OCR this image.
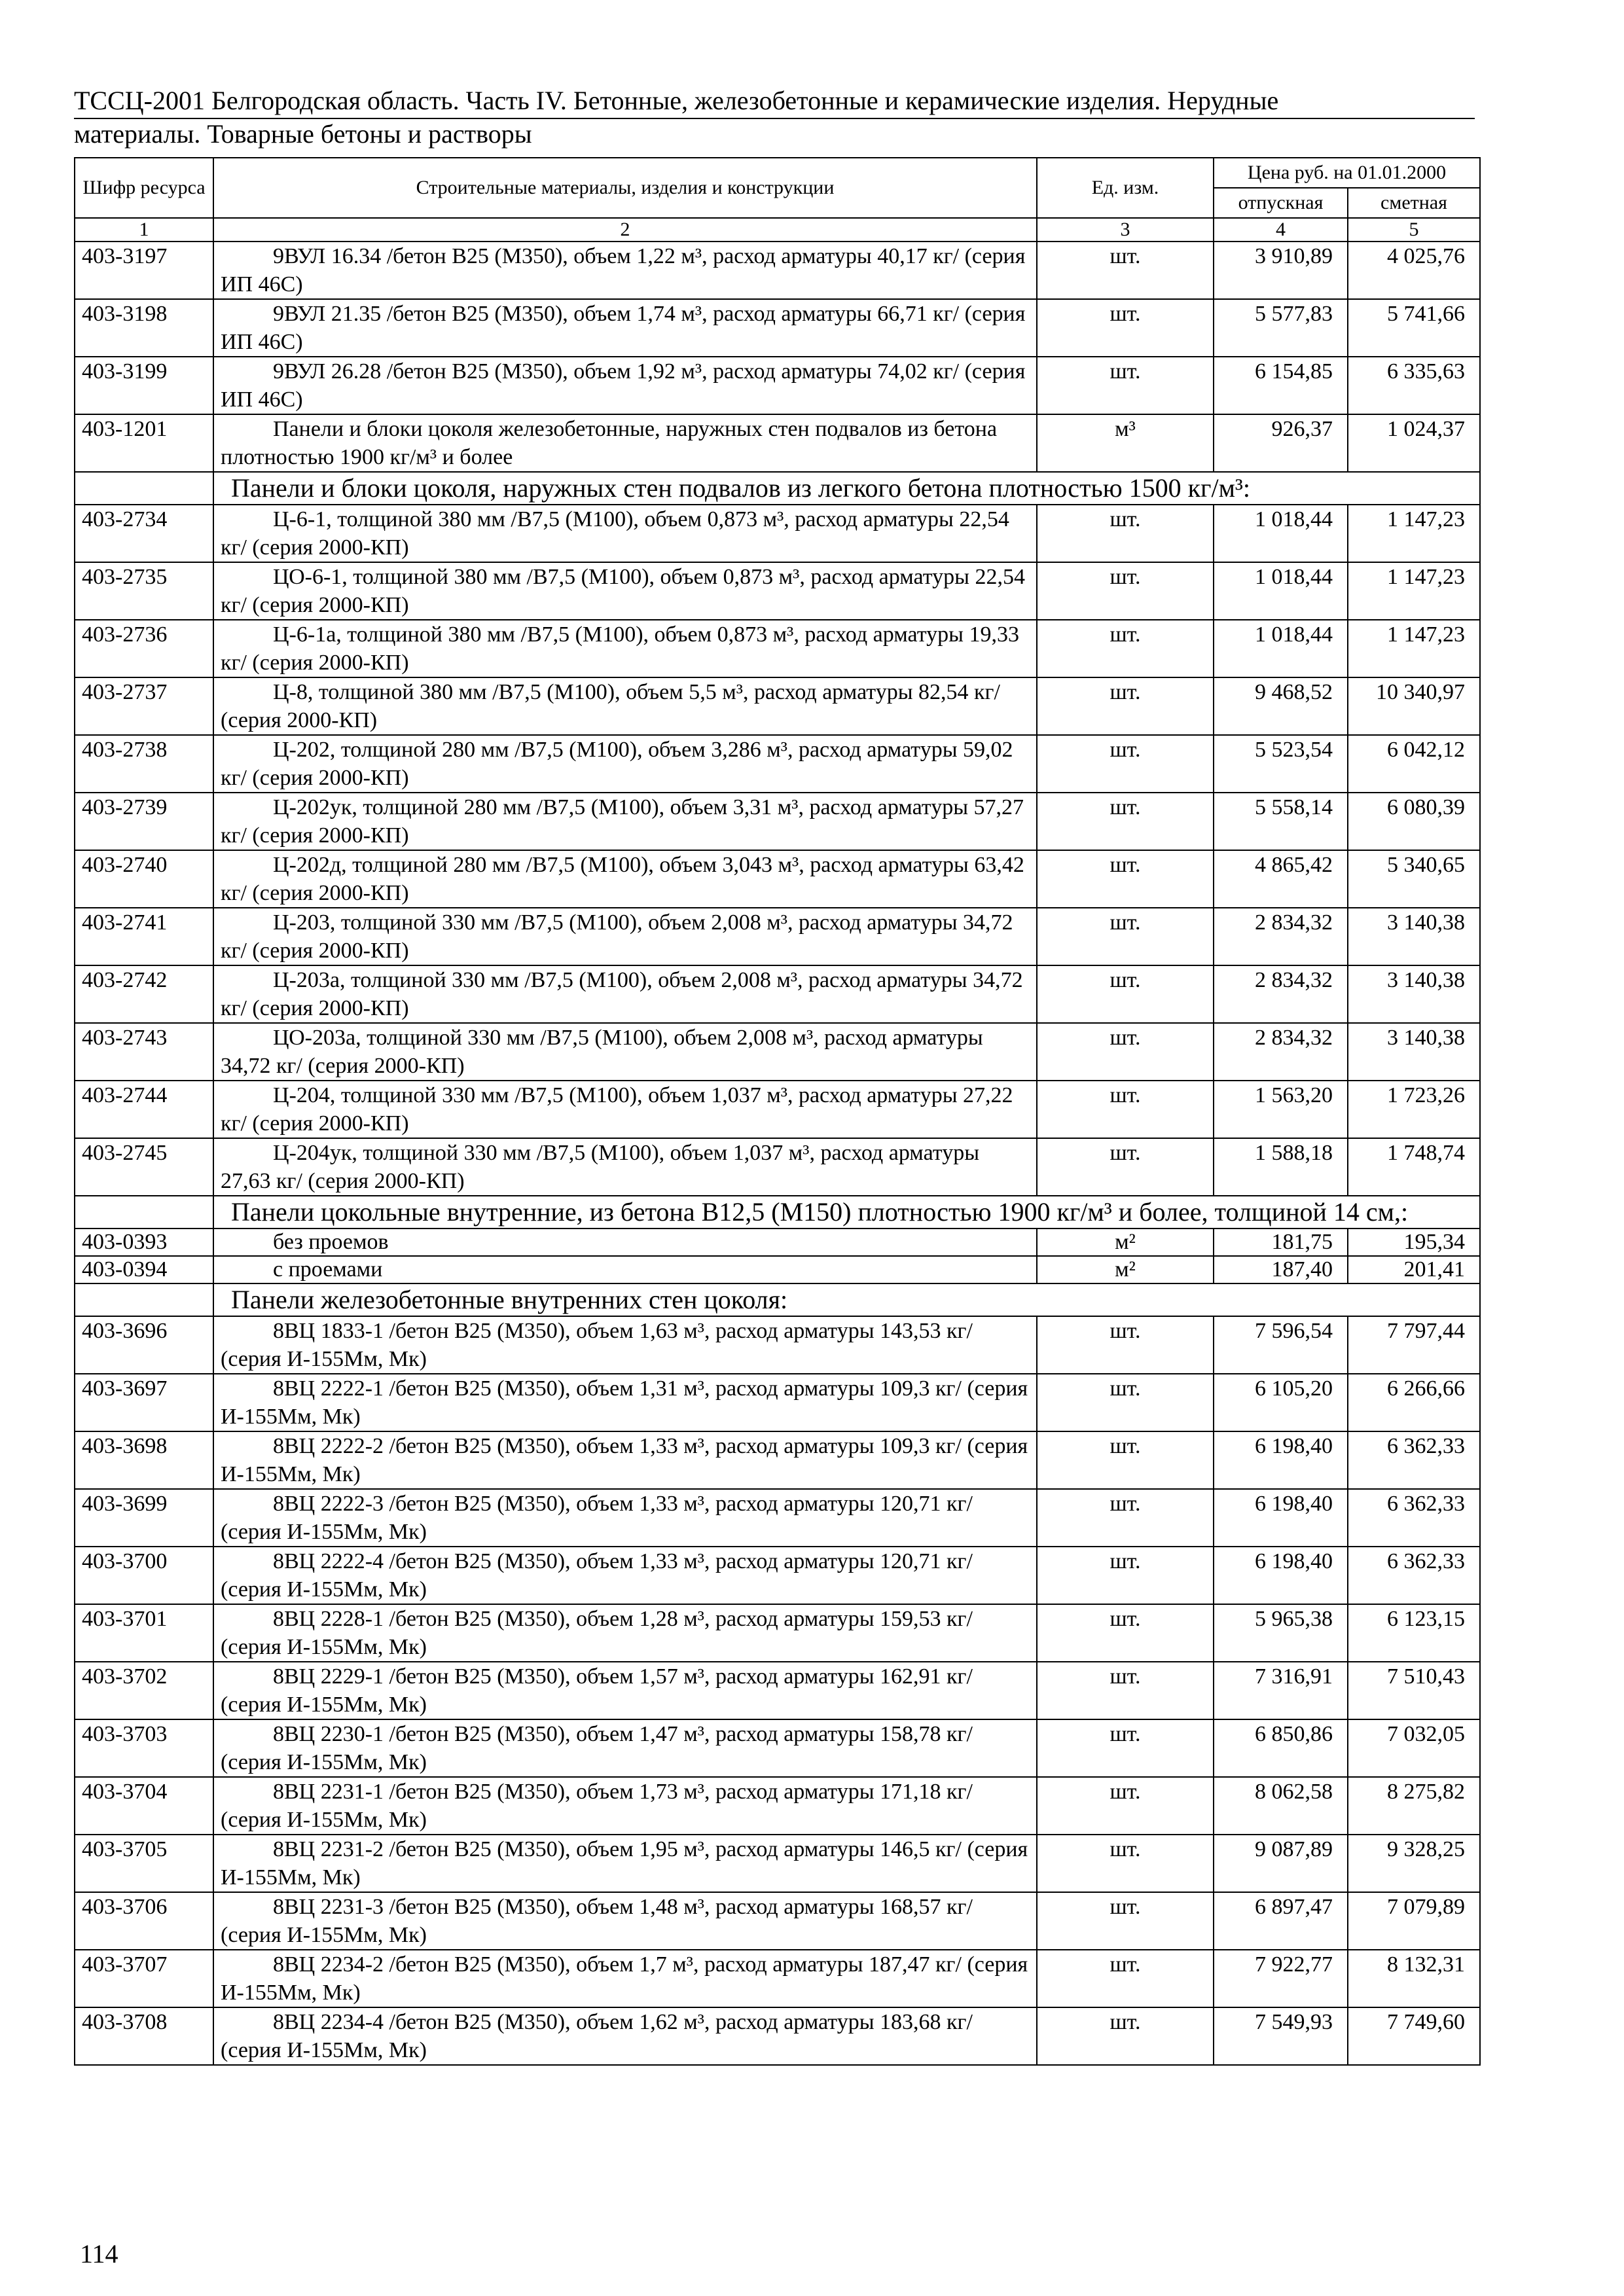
ТССЦ-2001 Белгородская область. Часть IV. Бетонные, железобетонные и керамические изделия. Нерудные
материалы. Товарные бетоны и растворы
Шифр ресурса	Строительные материалы, изделия и конструкции	Ед. изм.	Цена руб. на 01.01.2000	
			отпускная	сметная
1	2	3	4	5
403-3197	9ВУЛ 16.34 /бетон В25 (М350), объем 1,22 м³, расход арматуры 40,17 кг/ (серия ИП 46С)	шт.	3 910,89	4 025,76
403-3198	9ВУЛ 21.35 /бетон В25 (М350), объем 1,74 м³, расход арматуры 66,71 кг/ (серия ИП 46С)	шт.	5 577,83	5 741,66
403-3199	9ВУЛ 26.28 /бетон В25 (М350), объем 1,92 м³, расход арматуры 74,02 кг/ (серия ИП 46С)	шт.	6 154,85	6 335,63
403-1201	Панели и блоки цоколя железобетонные, наружных стен подвалов из бетона плотностью 1900 кг/м³ и более	м³	926,37	1 024,37
	Панели и блоки цоколя, наружных стен подвалов из легкого бетона плотностью 1500 кг/м³:			
403-2734	Ц-6-1, толщиной 380 мм /В7,5 (М100), объем 0,873 м³, расход арматуры 22,54 кг/ (серия 2000-КП)	шт.	1 018,44	1 147,23
403-2735	ЦО-6-1, толщиной 380 мм /В7,5 (М100), объем 0,873 м³, расход арматуры 22,54 кг/ (серия 2000-КП)	шт.	1 018,44	1 147,23
403-2736	Ц-6-1а, толщиной 380 мм /В7,5 (М100), объем 0,873 м³, расход арматуры 19,33 кг/ (серия 2000-КП)	шт.	1 018,44	1 147,23
403-2737	Ц-8, толщиной 380 мм /В7,5 (М100), объем 5,5 м³, расход арматуры 82,54 кг/ (серия 2000-КП)	шт.	9 468,52	10 340,97
403-2738	Ц-202, толщиной 280 мм /В7,5 (М100), объем 3,286 м³, расход арматуры 59,02 кг/ (серия 2000-КП)	шт.	5 523,54	6 042,12
403-2739	Ц-202ук, толщиной 280 мм /В7,5 (М100), объем 3,31 м³, расход арматуры 57,27 кг/ (серия 2000-КП)	шт.	5 558,14	6 080,39
403-2740	Ц-202д, толщиной 280 мм /В7,5 (М100), объем 3,043 м³, расход арматуры 63,42 кг/ (серия 2000-КП)	шт.	4 865,42	5 340,65
403-2741	Ц-203, толщиной 330 мм /В7,5 (М100), объем 2,008 м³, расход арматуры 34,72 кг/ (серия 2000-КП)	шт.	2 834,32	3 140,38
403-2742	Ц-203а, толщиной 330 мм /В7,5 (М100), объем 2,008 м³, расход арматуры 34,72 кг/ (серия 2000-КП)	шт.	2 834,32	3 140,38
403-2743	ЦО-203а, толщиной 330 мм /В7,5 (М100), объем 2,008 м³, расход арматуры 34,72 кг/ (серия 2000-КП)	шт.	2 834,32	3 140,38
403-2744	Ц-204, толщиной 330 мм /В7,5 (М100), объем 1,037 м³, расход арматуры 27,22 кг/ (серия 2000-КП)	шт.	1 563,20	1 723,26
403-2745	Ц-204ук, толщиной 330 мм /В7,5 (М100), объем 1,037 м³, расход арматуры 27,63 кг/ (серия 2000-КП)	шт.	1 588,18	1 748,74
	Панели цокольные внутренние, из бетона В12,5 (М150) плотностью 1900 кг/м³ и более, толщиной 14 см,:			
403-0393	без проемов	м²	181,75	195,34
403-0394	с проемами	м²	187,40	201,41
	Панели железобетонные внутренних стен цоколя:			
403-3696	8ВЦ 1833-1 /бетон В25 (М350), объем 1,63 м³, расход арматуры 143,53 кг/ (серия И-155Мм, Мк)	шт.	7 596,54	7 797,44
403-3697	8ВЦ 2222-1 /бетон В25 (М350), объем 1,31 м³, расход арматуры 109,3 кг/ (серия И-155Мм, Мк)	шт.	6 105,20	6 266,66
403-3698	8ВЦ 2222-2 /бетон В25 (М350), объем 1,33 м³, расход арматуры 109,3 кг/ (серия И-155Мм, Мк)	шт.	6 198,40	6 362,33
403-3699	8ВЦ 2222-3 /бетон В25 (М350), объем 1,33 м³, расход арматуры 120,71 кг/ (серия И-155Мм, Мк)	шт.	6 198,40	6 362,33
403-3700	8ВЦ 2222-4 /бетон В25 (М350), объем 1,33 м³, расход арматуры 120,71 кг/ (серия И-155Мм, Мк)	шт.	6 198,40	6 362,33
403-3701	8ВЦ 2228-1 /бетон В25 (М350), объем 1,28 м³, расход арматуры 159,53 кг/ (серия И-155Мм, Мк)	шт.	5 965,38	6 123,15
403-3702	8ВЦ 2229-1 /бетон В25 (М350), объем 1,57 м³, расход арматуры 162,91 кг/ (серия И-155Мм, Мк)	шт.	7 316,91	7 510,43
403-3703	8ВЦ 2230-1 /бетон В25 (М350), объем 1,47 м³, расход арматуры 158,78 кг/ (серия И-155Мм, Мк)	шт.	6 850,86	7 032,05
403-3704	8ВЦ 2231-1 /бетон В25 (М350), объем 1,73 м³, расход арматуры 171,18 кг/ (серия И-155Мм, Мк)	шт.	8 062,58	8 275,82
403-3705	8ВЦ 2231-2 /бетон В25 (М350), объем 1,95 м³, расход арматуры 146,5 кг/ (серия И-155Мм, Мк)	шт.	9 087,89	9 328,25
403-3706	8ВЦ 2231-3 /бетон В25 (М350), объем 1,48 м³, расход арматуры 168,57 кг/ (серия И-155Мм, Мк)	шт.	6 897,47	7 079,89
403-3707	8ВЦ 2234-2 /бетон В25 (М350), объем 1,7 м³, расход арматуры 187,47 кг/ (серия И-155Мм, Мк)	шт.	7 922,77	8 132,31
403-3708	8ВЦ 2234-4 /бетон В25 (М350), объем 1,62 м³, расход арматуры 183,68 кг/ (серия И-155Мм, Мк)	шт.	7 549,93	7 749,60
114
